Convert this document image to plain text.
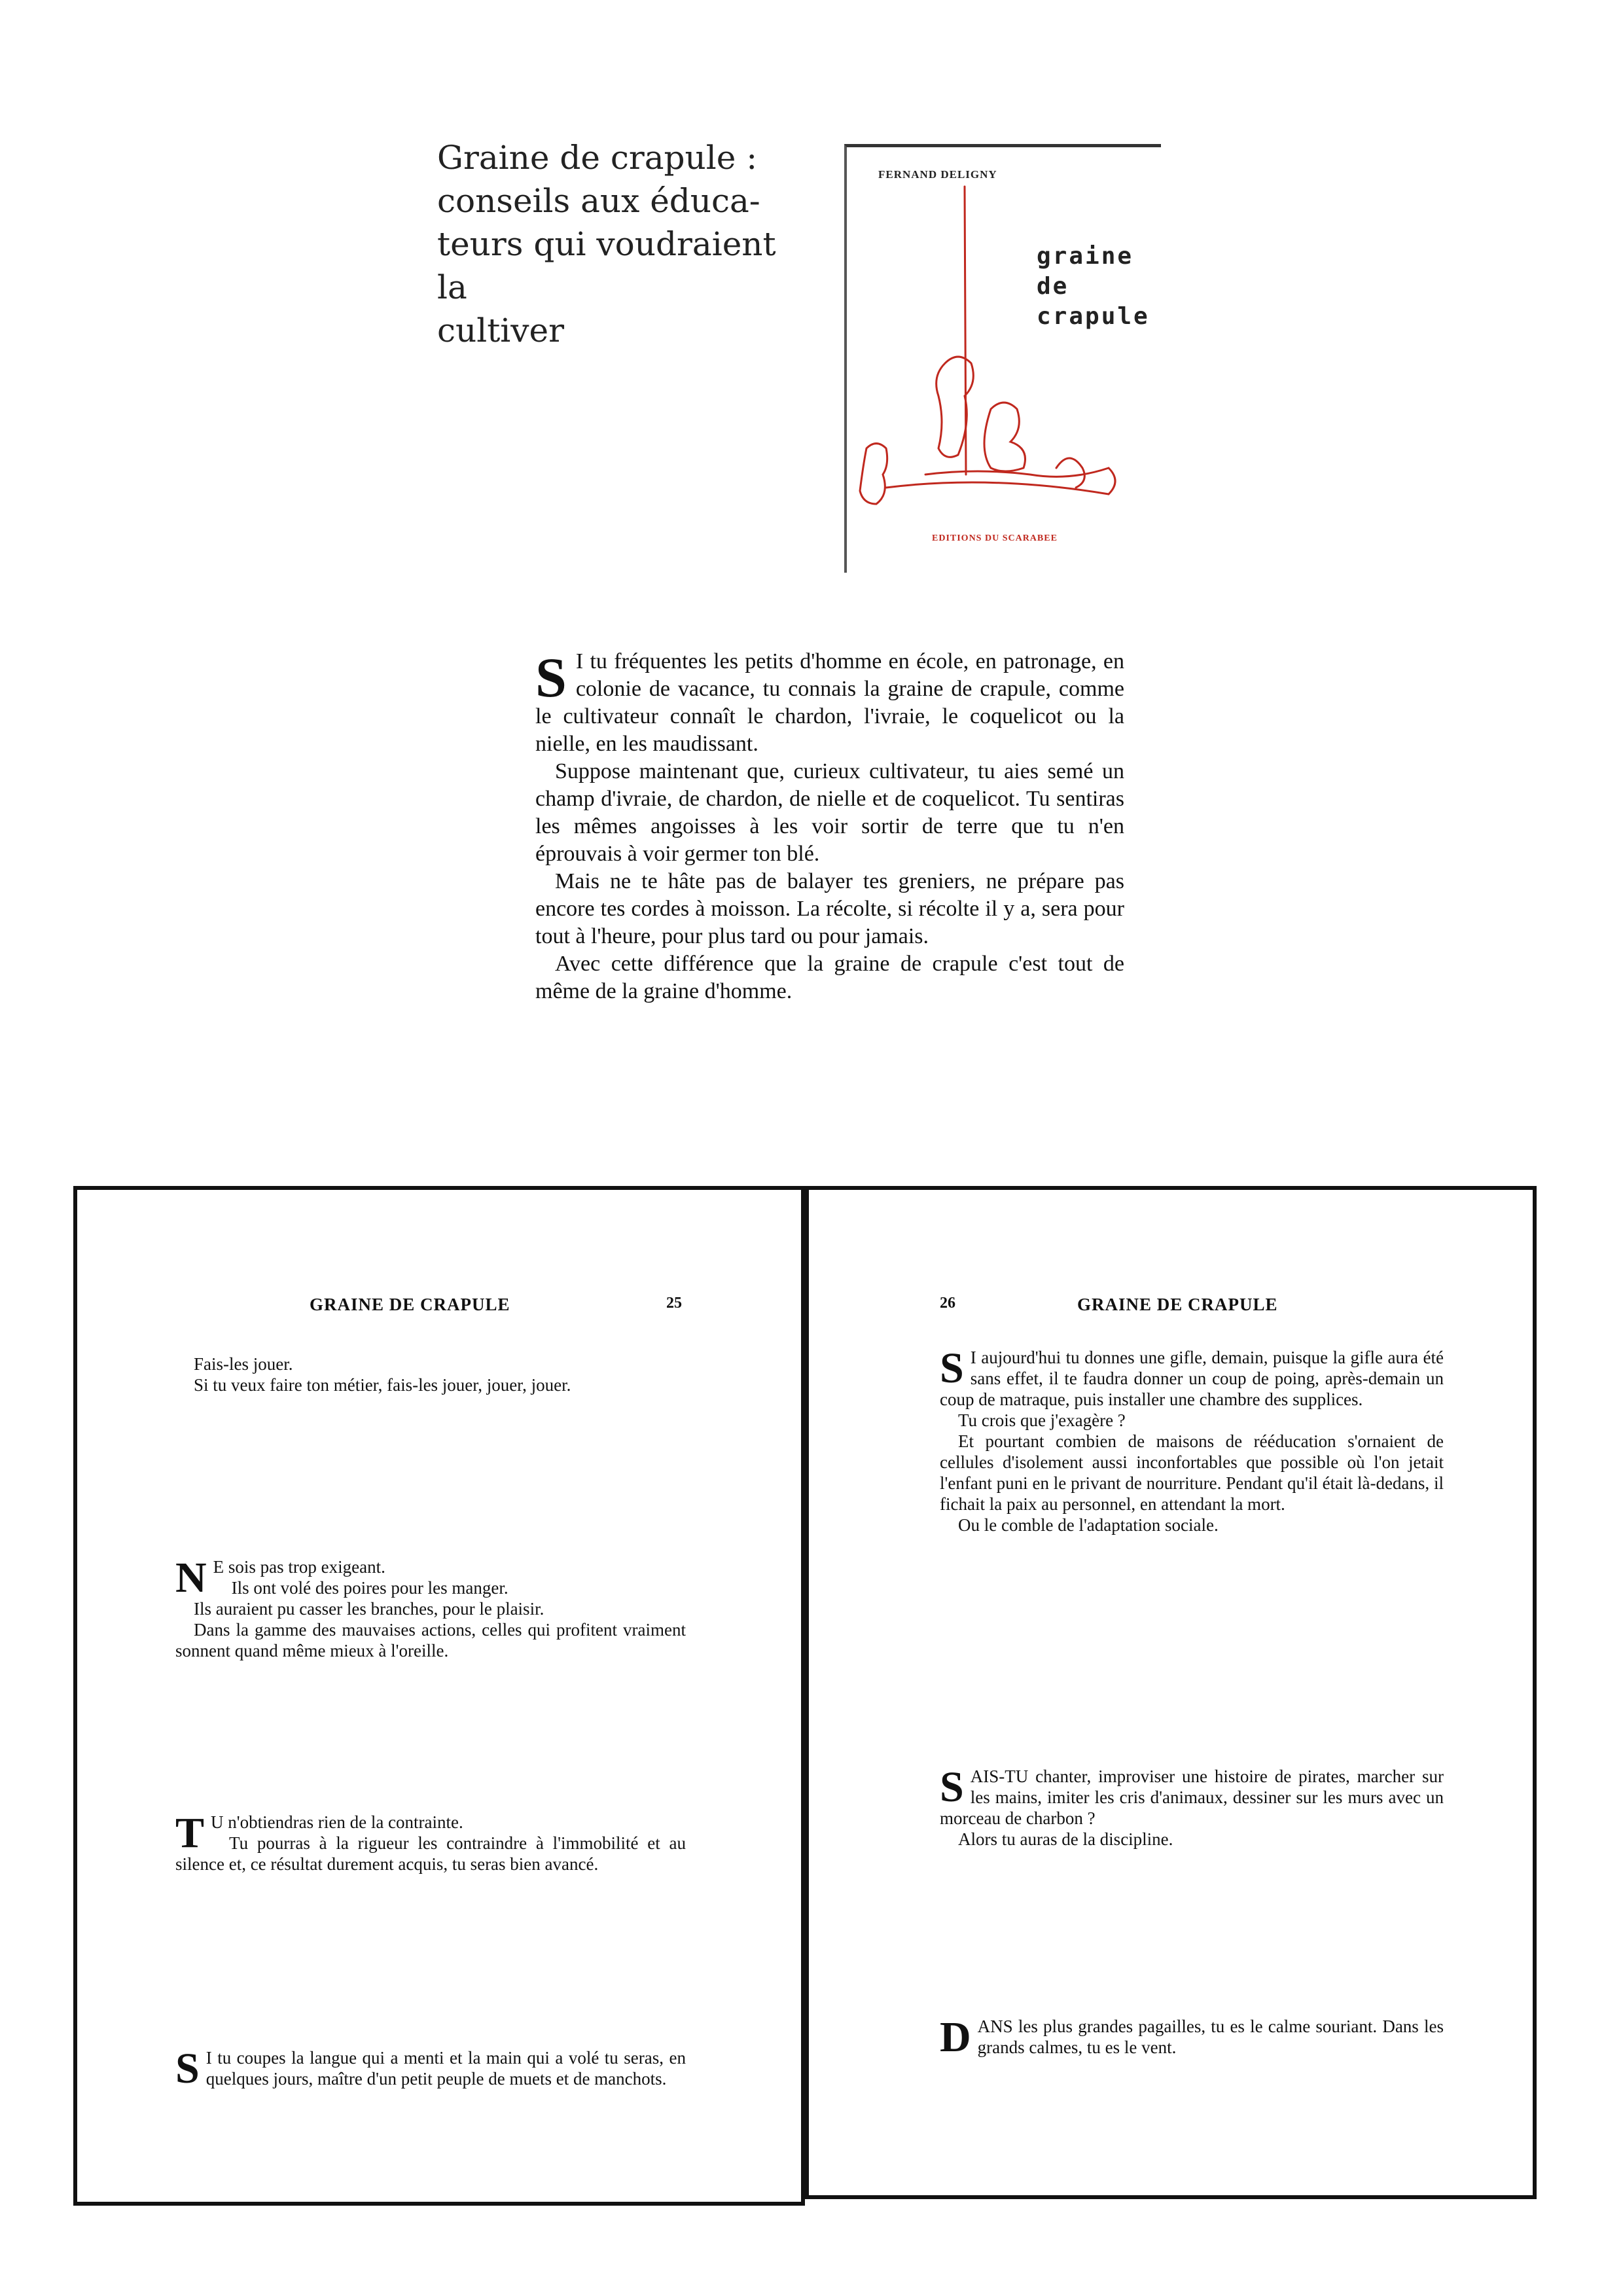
Graine de crapule :
conseils aux éduca-
teurs qui voudraient la
cultiver
FERNAND DELIGNY
graine
de
crapule
EDITIONS DU SCARABEE

S I tu fréquentes les petits d'homme en école, en patronage, en colonie de vacance, tu connais la graine de crapule, comme le cultivateur connaît le chardon, l'ivraie, le coquelicot ou la nielle, en les maudissant.

Suppose maintenant que, curieux cultivateur, tu aies semé un champ d'ivraie, de chardon, de nielle et de coquelicot. Tu sentiras les mêmes angoisses à les voir sortir de terre que tu n'en éprouvais à voir germer ton blé.

Mais ne te hâte pas de balayer tes greniers, ne prépare pas encore tes cordes à moisson. La récolte, si récolte il y a, sera pour tout à l'heure, pour plus tard ou pour jamais.

Avec cette différence que la graine de crapule c'est tout de même de la graine d'homme.

GRAINE DE CRAPULE	25

Fais-les jouer.

Si tu veux faire ton métier, fais-les jouer, jouer, jouer.

N E sois pas trop exigeant.

Ils ont volé des poires pour les manger.

Ils auraient pu casser les branches, pour le plaisir.

Dans la gamme des mauvaises actions, celles qui profitent vraiment sonnent quand même mieux à l'oreille.

T U n'obtiendras rien de la contrainte.

Tu pourras à la rigueur les contraindre à l'immobilité et au silence et, ce résultat durement acquis, tu seras bien avancé.

S I tu coupes la langue qui a menti et la main qui a volé tu seras, en quelques jours, maître d'un petit peuple de muets et de manchots.

26	GRAINE DE CRAPULE

S I aujourd'hui tu donnes une gifle, demain, puisque la gifle aura été sans effet, il te faudra donner un coup de poing, après-demain un coup de matraque, puis installer une chambre des supplices.

Tu crois que j'exagère ?

Et pourtant combien de maisons de rééducation s'ornaient de cellules d'isolement aussi inconfortables que possible où l'on jetait l'enfant puni en le privant de nourriture. Pendant qu'il était là-dedans, il fichait la paix au personnel, en attendant la mort.

Ou le comble de l'adaptation sociale.

SAIS-TU chanter, improviser une histoire de pirates, marcher sur les mains, imiter les cris d'animaux, dessiner sur les murs avec un morceau de charbon ?

Alors tu auras de la discipline.

DANS les plus grandes pagailles, tu es le calme souriant. Dans les grands calmes, tu es le vent.
